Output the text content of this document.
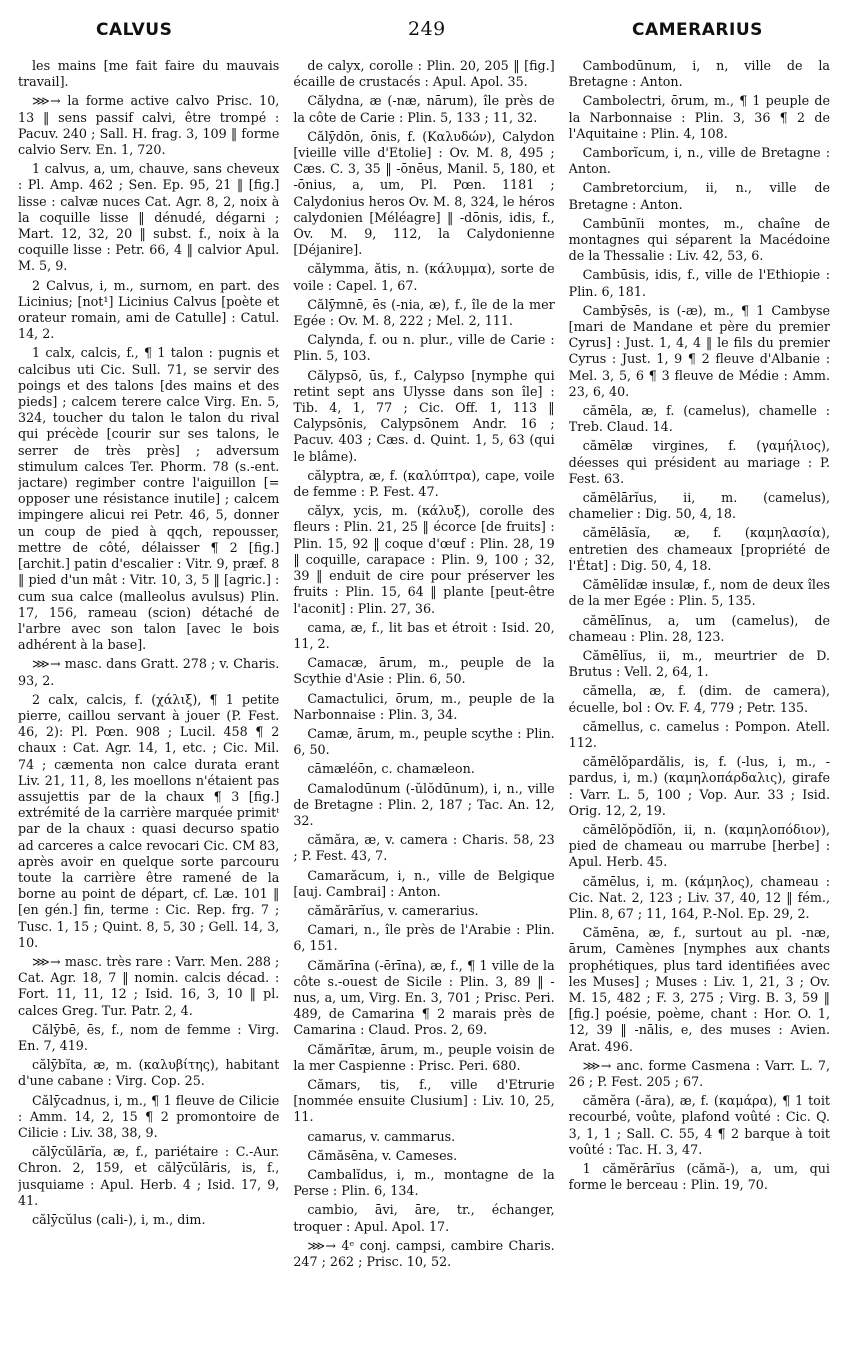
CALVUS	249	CAMERARIUS

les mains [me fait faire du mauvais travail].

⋙→ la forme active calvo Prisc. 10, 13 ‖ sens passif calvi, être trompé : Pacuv. 240 ; Sall. H. frag. 3, 109 ‖ forme calvio Serv. En. 1, 720.

1 calvus, a, um, chauve, sans cheveux : Pl. Amp. 462 ; Sen. Ep. 95, 21 ‖ [fig.] lisse : calvæ nuces Cat. Agr. 8, 2, noix à la coquille lisse ‖ dénudé, dégarni ; Mart. 12, 32, 20 ‖ subst. f., noix à la coquille lisse : Petr. 66, 4 ‖ calvior Apul. M. 5, 9.

2 Calvus, i, m., surnom, en part. des Licinius; [not¹] Licinius Calvus [poète et orateur romain, ami de Catulle] : Catul. 14, 2.

1 calx, calcis, f., ¶ 1 talon : pugnis et calcibus uti Cic. Sull. 71, se servir des poings et des talons [des mains et des pieds] ; calcem terere calce Virg. En. 5, 324, toucher du talon le talon du rival qui précède [courir sur ses talons, le serrer de très près] ; adversum stimulum calces Ter. Phorm. 78 (s.-ent. jactare) regimber contre l'aiguillon [= opposer une résistance inutile] ; calcem impingere alicui rei Petr. 46, 5, donner un coup de pied à qqch, repousser, mettre de côté, délaisser ¶ 2 [fig.] [archit.] patin d'escalier : Vitr. 9, præf. 8 ‖ pied d'un mât : Vitr. 10, 3, 5 ‖ [agric.] : cum sua calce (malleolus avulsus) Plin. 17, 156, rameau (scion) détaché de l'arbre avec son talon [avec le bois adhérent à la base].

⋙→ masc. dans Gratt. 278 ; v. Charis. 93, 2.

2 calx, calcis, f. (χάλιξ), ¶ 1 petite pierre, caillou servant à jouer (P. Fest. 46, 2): Pl. Pœn. 908 ; Lucil. 458 ¶ 2 chaux : Cat. Agr. 14, 1, etc. ; Cic. Mil. 74 ; cæmenta non calce durata erant Liv. 21, 11, 8, les moellons n'étaient pas assujettis par de la chaux ¶ 3 [fig.] extrémité de la carrière marquée primitᵗ par de la chaux : quasi decurso spatio ad carceres a calce revocari Cic. CM 83, après avoir en quelque sorte parcouru toute la carrière être ramené de la borne au point de départ, cf. Læ. 101 ‖ [en gén.] fin, terme : Cic. Rep. frg. 7 ; Tusc. 1, 15 ; Quint. 8, 5, 30 ; Gell. 14, 3, 10.

⋙→ masc. très rare : Varr. Men. 288 ; Cat. Agr. 18, 7 ‖ nomin. calcis décad. : Fort. 11, 11, 12 ; Isid. 16, 3, 10 ‖ pl. calces Greg. Tur. Patr. 2, 4.

Călȳbē, ēs, f., nom de femme : Virg. En. 7, 419.

călȳbĭta, æ, m. (καλυβίτης), habitant d'une cabane : Virg. Cop. 25.

Călȳcadnus, i, m., ¶ 1 fleuve de Cilicie : Amm. 14, 2, 15 ¶ 2 promontoire de Cilicie : Liv. 38, 38, 9.

călȳcŭlārĭa, æ, f., pariétaire : C.-Aur. Chron. 2, 159, et călȳcŭlāris, is, f., jusquiame : Apul. Herb. 4 ; Isid. 17, 9, 41.

călȳcŭlus (cali-), i, m., dim.

de calyx, corolle : Plin. 20, 205 ‖ [fig.] écaille de crustacés : Apul. Apol. 35.

Călydna, æ (-næ, nārum), île près de la côte de Carie : Plin. 5, 133 ; 11, 32.

Călȳdōn, ōnis, f. (Καλυδών), Calydon [vieille ville d'Etolie] : Ov. M. 8, 495 ; Cæs. C. 3, 35 ‖ -ōnēus, Manil. 5, 180, et -ōnius, a, um, Pl. Pœn. 1181 ; Calydonius heros Ov. M. 8, 324, le héros calydonien [Méléagre] ‖ -dōnis, idis, f., Ov. M. 9, 112, la Calydonienne [Déjanire].

călymma, ătis, n. (κάλυμμα), sorte de voile : Capel. 1, 67.

Călȳmnē, ēs (-nia, æ), f., île de la mer Egée : Ov. M. 8, 222 ; Mel. 2, 111.

Calynda, f. ou n. plur., ville de Carie : Plin. 5, 103.

Călypsō, ūs, f., Calypso [nymphe qui retint sept ans Ulysse dans son île] : Tib. 4, 1, 77 ; Cic. Off. 1, 113 ‖ Calypsōnis, Calypsōnem Andr. 16 ; Pacuv. 403 ; Cæs. d. Quint. 1, 5, 63 (qui le blâme).

călyptra, æ, f. (καλύπτρα), cape, voile de femme : P. Fest. 47.

călyx, ycis, m. (κάλυξ), corolle des fleurs : Plin. 21, 25 ‖ écorce [de fruits] : Plin. 15, 92 ‖ coque d'œuf : Plin. 28, 19 ‖ coquille, carapace : Plin. 9, 100 ; 32, 39 ‖ enduit de cire pour préserver les fruits : Plin. 15, 64 ‖ plante [peut-être l'aconit] : Plin. 27, 36.

cama, æ, f., lit bas et étroit : Isid. 20, 11, 2.

Camacæ, ārum, m., peuple de la Scythie d'Asie : Plin. 6, 50.

Camactulici, ōrum, m., peuple de la Narbonnaise : Plin. 3, 34.

Camæ, ārum, m., peuple scythe : Plin. 6, 50.

cāmæléōn, c. chamæleon.

Camalodūnum (-ŭlŏdūnum), i, n., ville de Bretagne : Plin. 2, 187 ; Tac. An. 12, 32.

cămăra, æ, v. camera : Charis. 58, 23 ; P. Fest. 43, 7.

Camarăcum, i, n., ville de Belgique [auj. Cambrai] : Anton.

cămărārĭus, v. camerarius.

Camari, n., île près de l'Arabie : Plin. 6, 151.

Cămărīna (-ērīna), æ, f., ¶ 1 ville de la côte s.-ouest de Sicile : Plin. 3, 89 ‖ -nus, a, um, Virg. En. 3, 701 ; Prisc. Peri. 489, de Camarina ¶ 2 marais près de Camarina : Claud. Pros. 2, 69.

Cămărītæ, ārum, m., peuple voisin de la mer Caspienne : Prisc. Peri. 680.

Cămars, tis, f., ville d'Etrurie [nommée ensuite Clusium] : Liv. 10, 25, 11.

camarus, v. cammarus.

Cămăsēna, v. Cameses.

Cambalĭdus, i, m., montagne de la Perse : Plin. 6, 134.

cambio, āvi, āre, tr., échanger, troquer : Apul. Apol. 17.

⋙→ 4ᵉ conj. campsi, cambire Charis. 247 ; 262 ; Prisc. 10, 52.

Cambodūnum, i, n, ville de la Bretagne : Anton.

Cambolectri, ōrum, m., ¶ 1 peuple de la Narbonnaise : Plin. 3, 36 ¶ 2 de l'Aquitaine : Plin. 4, 108.

Camborĭcum, i, n., ville de Bretagne : Anton.

Cambretorcium, ii, n., ville de Bretagne : Anton.

Cambūnĭi montes, m., chaîne de montagnes qui séparent la Macédoine de la Thessalie : Liv. 42, 53, 6.

Cambūsis, idis, f., ville de l'Ethiopie : Plin. 6, 181.

Cambȳsēs, is (-æ), m., ¶ 1 Cambyse [mari de Mandane et père du premier Cyrus] : Just. 1, 4, 4 ‖ le fils du premier Cyrus : Just. 1, 9 ¶ 2 fleuve d'Albanie : Mel. 3, 5, 6 ¶ 3 fleuve de Médie : Amm. 23, 6, 40.

cămēla, æ, f. (camelus), chamelle : Treb. Claud. 14.

cămēlæ virgines, f. (γαμήλιος), déesses qui président au mariage : P. Fest. 63.

cămēlārĭus, ii, m. (camelus), chamelier : Dig. 50, 4, 18.

cămēlāsĭa, æ, f. (καμηλασία), entretien des chameaux [propriété de l'État] : Dig. 50, 4, 18.

Cămēlĭdæ insulæ, f., nom de deux îles de la mer Egée : Plin. 5, 135.

cămēlīnus, a, um (camelus), de chameau : Plin. 28, 123.

Cămēlĭus, ii, m., meurtrier de D. Brutus : Vell. 2, 64, 1.

cămella, æ, f. (dim. de camera), écuelle, bol : Ov. F. 4, 779 ; Petr. 135.

cămellus, c. camelus : Pompon. Atell. 112.

cămēlŏpardălis, is, f. (-lus, i, m., -pardus, i, m.) (καμηλοπάρδαλις), girafe : Varr. L. 5, 100 ; Vop. Aur. 33 ; Isid. Orig. 12, 2, 19.

cămēlŏpŏdĭŏn, ii, n. (καμηλοπόδιον), pied de chameau ou marrube [herbe] : Apul. Herb. 45.

cămēlus, i, m. (κάμηλος), chameau : Cic. Nat. 2, 123 ; Liv. 37, 40, 12 ‖ fém., Plin. 8, 67 ; 11, 164, P.-Nol. Ep. 29, 2.

Cămēna, æ, f., surtout au pl. -næ, ārum, Camènes [nymphes aux chants prophétiques, plus tard identifiées avec les Muses] ; Muses : Liv. 1, 21, 3 ; Ov. M. 15, 482 ; F. 3, 275 ; Virg. B. 3, 59 ‖ [fig.] poésie, poème, chant : Hor. O. 1, 12, 39 ‖ -nālis, e, des muses : Avien. Arat. 496.

⋙→ anc. forme Casmena : Varr. L. 7, 26 ; P. Fest. 205 ; 67.

cămĕra (-ăra), æ, f. (καμάρα), ¶ 1 toit recourbé, voûte, plafond voûté : Cic. Q. 3, 1, 1 ; Sall. C. 55, 4 ¶ 2 barque à toit voûté : Tac. H. 3, 47.

1 cămĕrārĭus (cămă-), a, um, qui forme le berceau : Plin. 19, 70.
